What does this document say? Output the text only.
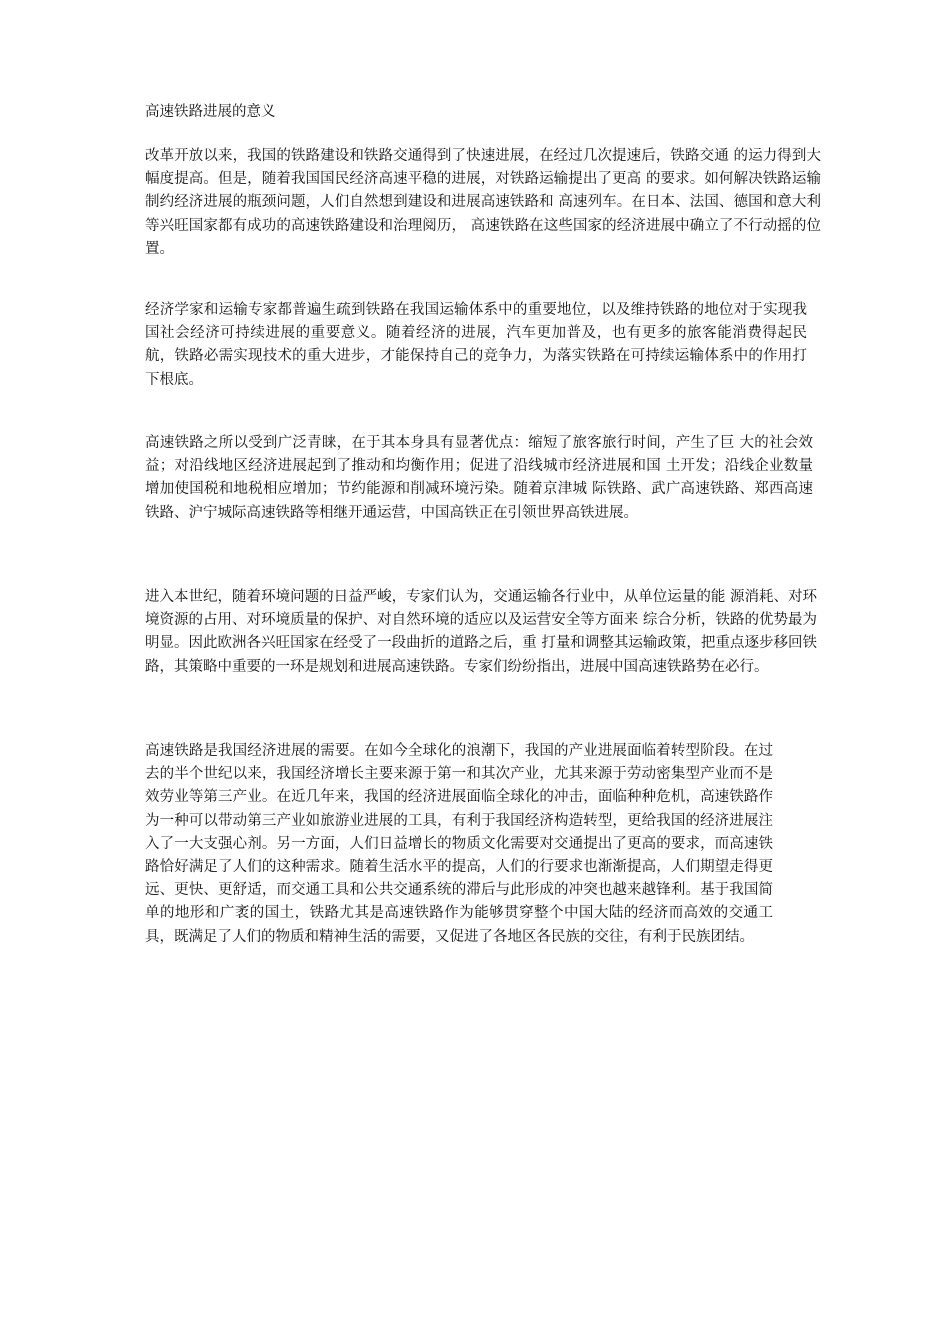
高速铁路进展的意义

改革开放以来，我国的铁路建设和铁路交通得到了快速进展，在经过几次提速后，铁路交通 的运力得到大幅度提高。但是，随着我国国民经济高速平稳的进展，对铁路运输提出了更高 的要求。如何解决铁路运输制约经济进展的瓶颈问题，人们自然想到建设和进展高速铁路和 高速列车。在日本、法国、德国和意大利等兴旺国家都有成功的高速铁路建设和治理阅历， 高速铁路在这些国家的经济进展中确立了不行动摇的位置。

经济学家和运输专家都普遍生疏到铁路在我国运输体系中的重要地位，以及维持铁路的地位对于实现我国社会经济可持续进展的重要意义。随着经济的进展，汽车更加普及，也有更多的旅客能消费得起民航，铁路必需实现技术的重大进步，才能保持自己的竞争力，为落实铁路在可持续运输体系中的作用打下根底。

高速铁路之所以受到广泛青睐，在于其本身具有显著优点：缩短了旅客旅行时间，产生了巨 大的社会效益；对沿线地区经济进展起到了推动和均衡作用；促进了沿线城市经济进展和国 土开发；沿线企业数量增加使国税和地税相应增加；节约能源和削减环境污染。随着京津城 际铁路、武广高速铁路、郑西高速铁路、沪宁城际高速铁路等相继开通运营，中国高铁正在引领世界高铁进展。

进入本世纪，随着环境问题的日益严峻，专家们认为，交通运输各行业中，从单位运量的能 源消耗、对环境资源的占用、对环境质量的保护、对自然环境的适应以及运营安全等方面来 综合分析，铁路的优势最为明显。因此欧洲各兴旺国家在经受了一段曲折的道路之后，重 打量和调整其运输政策，把重点逐步移回铁路，其策略中重要的一环是规划和进展高速铁路。专家们纷纷指出，进展中国高速铁路势在必行。

高速铁路是我国经济进展的需要。在如今全球化的浪潮下，我国的产业进展面临着转型阶段。在过去的半个世纪以来，我国经济增长主要来源于第一和其次产业，尤其来源于劳动密集型产业而不是效劳业等第三产业。在近几年来，我国的经济进展面临全球化的冲击，面临种种危机，高速铁路作为一种可以带动第三产业如旅游业进展的工具，有利于我国经济构造转型，更给我国的经济进展注入了一大支强心剂。另一方面，人们日益增长的物质文化需要对交通提出了更高的要求，而高速铁路恰好满足了人们的这种需求。随着生活水平的提高，人们的行要求也渐渐提高，人们期望走得更远、更快、更舒适，而交通工具和公共交通系统的滞后与此形成的冲突也越来越锋利。基于我国简单的地形和广袤的国土，铁路尤其是高速铁路作为能够贯穿整个中国大陆的经济而高效的交通工具，既满足了人们的物质和精神生活的需要，又促进了各地区各民族的交往，有利于民族团结。
